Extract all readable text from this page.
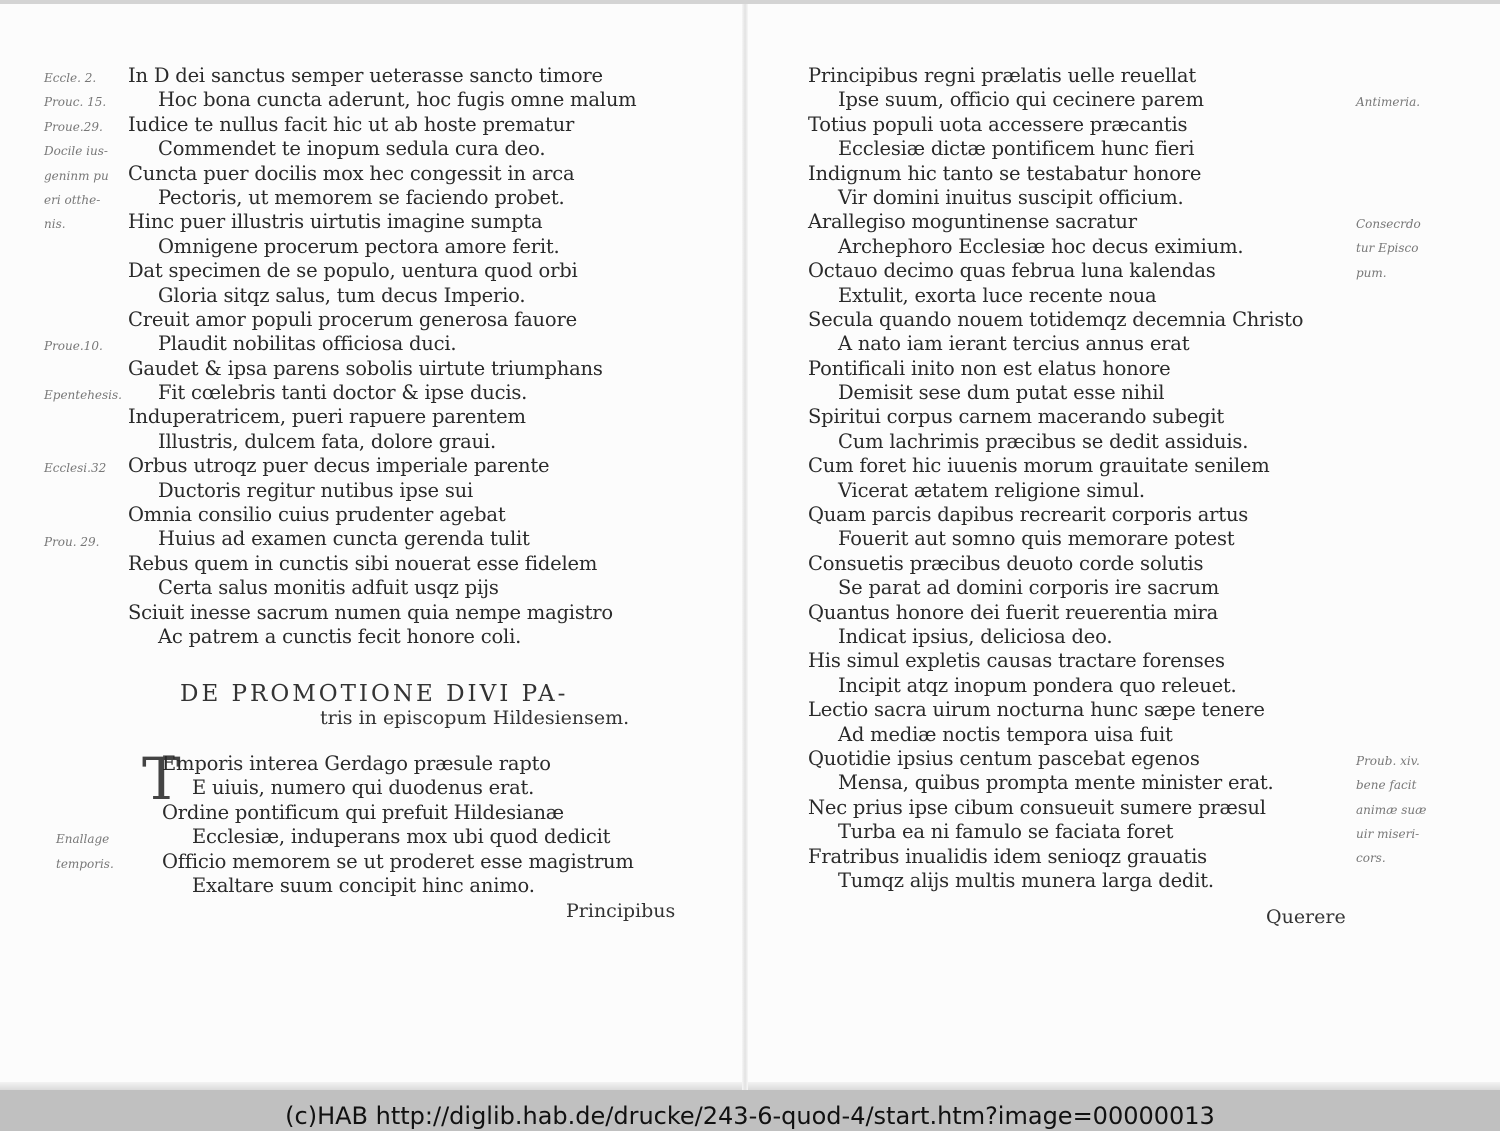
Eccle. 2.
Prouc. 15.
Proue.29.
Docile ius-
geninm pu
eri otthe-
nis.
Proue.10.
Epentehesis.
Ecclesi.32
Prou. 29.
In D dei sanctus semper ueterasse sancto timore
Hoc bona cuncta aderunt, hoc fugis omne malum
Iudice te nullus facit hic ut ab hoste prematur
Commendet te inopum sedula cura deo.
Cuncta puer docilis mox hec congessit in arca
Pectoris, ut memorem se faciendo probet.
Hinc puer illustris uirtutis imagine sumpta
Omnigene procerum pectora amore ferit.
Dat specimen de se populo, uentura quod orbi
Gloria sitqz salus, tum decus Imperio.
Creuit amor populi procerum generosa fauore
Plaudit nobilitas officiosa duci.
Gaudet & ipsa parens sobolis uirtute triumphans
Fit cœlebris tanti doctor & ipse ducis.
Induperatricem, pueri rapuere parentem
Illustris, dulcem fata, dolore graui.
Orbus utroqz puer decus imperiale parente
Ductoris regitur nutibus ipse sui
Omnia consilio cuius prudenter agebat
Huius ad examen cuncta gerenda tulit
Rebus quem in cunctis sibi nouerat esse fidelem
Certa salus monitis adfuit usqz pijs
Sciuit inesse sacrum numen quia nempe magistro
Ac patrem a cunctis fecit honore coli.
DE PROMOTIONE DIVI PA-
tris in episcopum Hildesiensem.
T
Enallage
temporis.
Emporis interea Gerdago præsule rapto
E uiuis, numero qui duodenus erat.
Ordine pontificum qui prefuit Hildesianæ
Ecclesiæ, induperans mox ubi quod dedicit
Officio memorem se ut proderet esse magistrum
Exaltare suum concipit hinc animo.
Principibus
Principibus regni prælatis uelle reuellat
Ipse suum, officio qui cecinere parem
Totius populi uota accessere præcantis
Ecclesiæ dictæ pontificem hunc fieri
Indignum hic tanto se testabatur honore
Vir domini inuitus suscipit officium.
Arallegiso moguntinense sacratur
Archephoro Ecclesiæ hoc decus eximium.
Octauo decimo quas februa luna kalendas
Extulit, exorta luce recente noua
Secula quando nouem totidemqz decemnia Christo
A nato iam ierant tercius annus erat
Pontificali inito non est elatus honore
Demisit sese dum putat esse nihil
Spiritui corpus carnem macerando subegit
Cum lachrimis præcibus se dedit assiduis.
Cum foret hic iuuenis morum grauitate senilem
Vicerat ætatem religione simul.
Quam parcis dapibus recrearit corporis artus
Fouerit aut somno quis memorare potest
Consuetis præcibus deuoto corde solutis
Se parat ad domini corporis ire sacrum
Quantus honore dei fuerit reuerentia mira
Indicat ipsius, deliciosa deo.
His simul expletis causas tractare forenses
Incipit atqz inopum pondera quo releuet.
Lectio sacra uirum nocturna hunc sæpe tenere
Ad mediæ noctis tempora uisa fuit
Quotidie ipsius centum pascebat egenos
Mensa, quibus prompta mente minister erat.
Nec prius ipse cibum consueuit sumere præsul
Turba ea ni famulo se faciata foret
Fratribus inualidis idem senioqz grauatis
Tumqz alijs multis munera larga dedit.
Antimeria.
Consecrdo
tur Episco
pum.
Proub. xiv.
bene facit
animæ suæ
uir miseri-
cors.
Querere
(c)HAB http://diglib.hab.de/drucke/243-6-quod-4/start.htm?image=00000013
